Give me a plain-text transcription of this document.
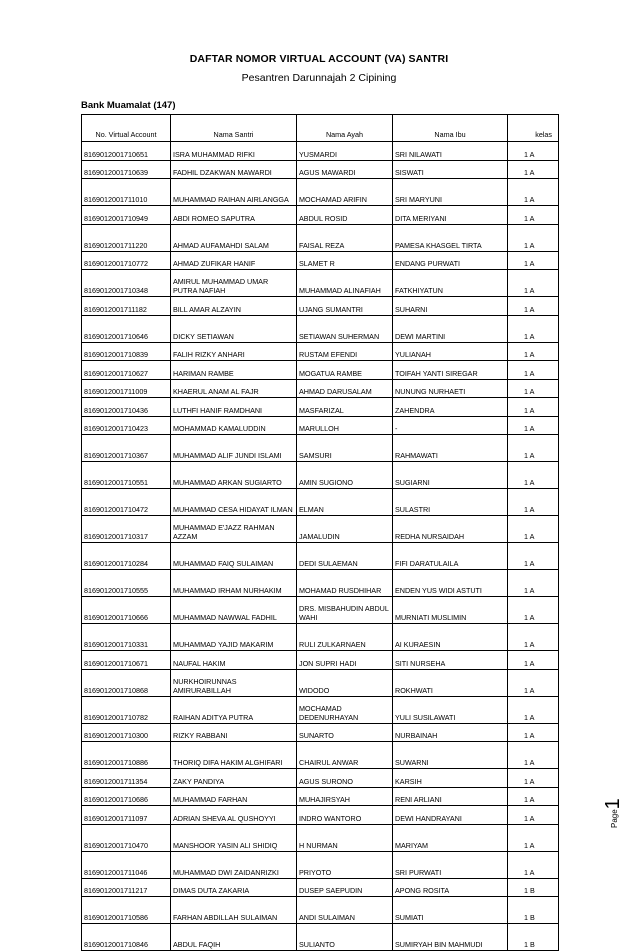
DAFTAR NOMOR VIRTUAL ACCOUNT (VA) SANTRI
Pesantren Darunnajah 2 Cipining
Bank Muamalat (147)
No. Virtual Account	Nama Santri	Nama Ayah	Nama Ibu	kelas
8169012001710651	ISRA MUHAMMAD RIFKI	YUSMARDI	SRI NILAWATI	1 A
8169012001710639	FADHIL DZAKWAN MAWARDI	AGUS MAWARDI	SISWATI	1 A
8169012001711010	MUHAMMAD RAIHAN AIRLANGGA	MOCHAMAD ARIFIN	SRI MARYUNI	1 A
8169012001710949	ABDI ROMEO SAPUTRA	ABDUL ROSID	DITA MERIYANI	1 A
8169012001711220	AHMAD AUFAMAHDI SALAM	FAISAL REZA	PAMESA KHASGEL TIRTA	1 A
8169012001710772	AHMAD ZUFIKAR HANIF	SLAMET R	ENDANG PURWATI	1 A
8169012001710348	AMIRUL MUHAMMAD UMAR PUTRA NAFIAH	MUHAMMAD ALINAFIAH	FATKHIYATUN	1 A
8169012001711182	BILL AMAR ALZAYIN	UJANG SUMANTRI	SUHARNI	1 A
8169012001710646	DICKY SETIAWAN	SETIAWAN SUHERMAN	DEWI MARTINI	1 A
8169012001710839	FALIH RIZKY ANHARI	RUSTAM EFENDI	YULIANAH	1 A
8169012001710627	HARIMAN RAMBE	MOGATUA RAMBE	TOIFAH YANTI SIREGAR	1 A
8169012001711009	KHAERUL ANAM AL FAJR	AHMAD DARUSALAM	NUNUNG NURHAETI	1 A
8169012001710436	LUTHFI HANIF RAMDHANI	MASFARIZAL	ZAHENDRA	1 A
8169012001710423	MOHAMMAD KAMALUDDIN	MARULLOH	-	1 A
8169012001710367	MUHAMMAD ALIF JUNDI ISLAMI	SAMSURI	RAHMAWATI	1 A
8169012001710551	MUHAMMAD ARKAN SUGIARTO	AMIN SUGIONO	SUGIARNI	1 A
8169012001710472	MUHAMMAD CESA HIDAYAT ILMAN	ELMAN	SULASTRI	1 A
8169012001710317	MUHAMMAD E'JAZZ RAHMAN AZZAM	JAMALUDIN	REDHA NURSAIDAH	1 A
8169012001710284	MUHAMMAD FAIQ SULAIMAN	DEDI SULAEMAN	FIFI DARATULAILA	1 A
8169012001710555	MUHAMMAD IRHAM NURHAKIM	MOHAMAD RUSDHIHAR	ENDEN YUS WIDI ASTUTI	1 A
8169012001710666	MUHAMMAD NAWWAL FADHIL	DRS. MISBAHUDIN ABDUL WAHI	MURNIATI MUSLIMIN	1 A
8169012001710331	MUHAMMAD YAJID MAKARIM	RULI ZULKARNAEN	AI KURAESIN	1 A
8169012001710671	NAUFAL HAKIM	JON SUPRI HADI	SITI NURSEHA	1 A
8169012001710868	NURKHOIRUNNAS AMIRURABILLAH	WIDODO	ROKHWATI	1 A
8169012001710782	RAIHAN ADITYA PUTRA	MOCHAMAD DEDENURHAYAN	YULI SUSILAWATI	1 A
8169012001710300	RIZKY RABBANI	SUNARTO	NURBAINAH	1 A
8169012001710886	THORIQ DIFA HAKIM ALGHIFARI	CHAIRUL ANWAR	SUWARNI	1 A
8169012001711354	ZAKY PANDIYA	AGUS SURONO	KARSIH	1 A
8169012001710686	MUHAMMAD FARHAN	MUHAJIRSYAH	RENI ARLIANI	1 A
8169012001711097	ADRIAN SHEVA AL QUSHOYYI	INDRO WANTORO	DEWI HANDRAYANI	1 A
8169012001710470	MANSHOOR YASIN ALI SHIDIQ	H NURMAN	MARIYAM	1 A
8169012001711046	MUHAMMAD DWI ZAIDANRIZKI	PRIYOTO	SRI PURWATI	1 A
8169012001711217	DIMAS DUTA ZAKARIA	DUSEP SAEPUDIN	APONG ROSITA	1 B
8169012001710586	FARHAN ABDILLAH SULAIMAN	ANDI SULAIMAN	SUMIATI	1 B
8169012001710846	ABDUL FAQIH	SULIANTO	SUMIRYAH BIN MAHMUDI	1 B
Page1
